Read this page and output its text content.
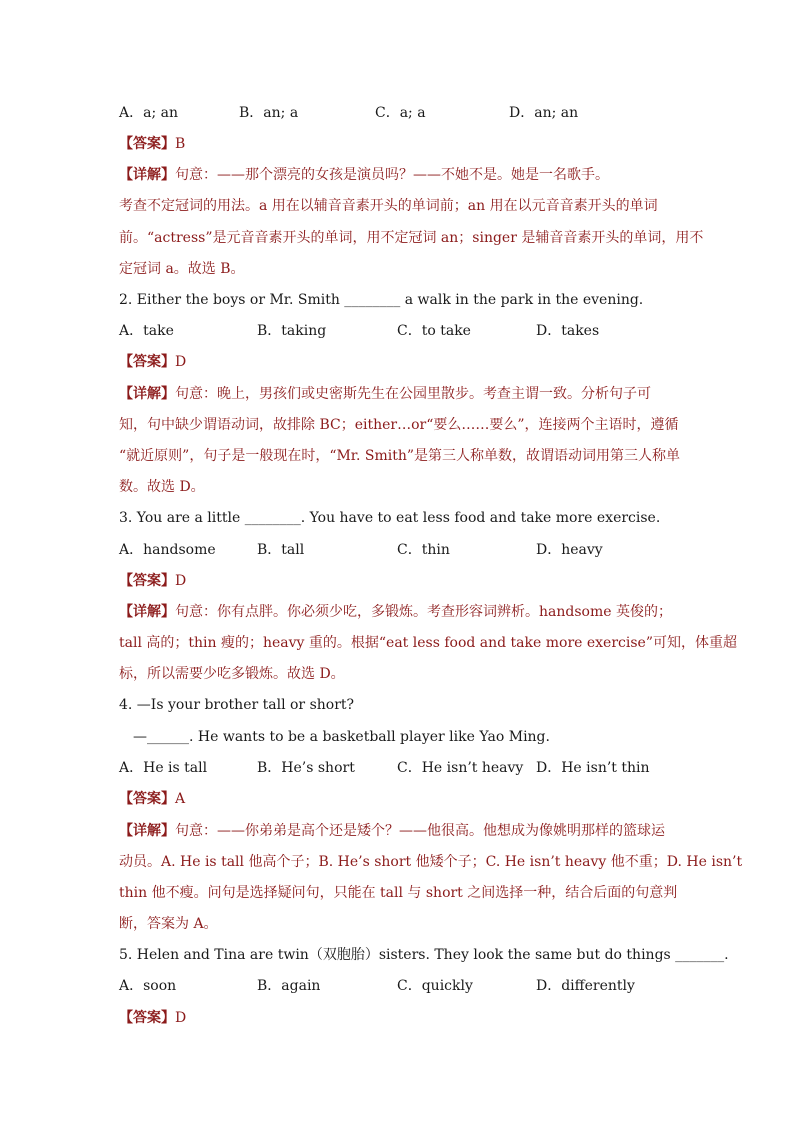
A．a; an	B．an; a	C．a; a	D．an; an
【答案】B
【详解】句意：——那个漂亮的女孩是演员吗？——不她不是。她是一名歌手。
考查不定冠词的用法。a 用在以辅音音素开头的单词前；an 用在以元音音素开头的单词
前。“actress”是元音音素开头的单词，用不定冠词 an；singer 是辅音音素开头的单词，用不
定冠词 a。故选 B。
2. Either the boys or Mr. Smith ________ a walk in the park in the evening.
A．take	B．taking	C．to take	D．takes
【答案】D
【详解】句意：晚上，男孩们或史密斯先生在公园里散步。考查主谓一致。分析句子可
知，句中缺少谓语动词，故排除 BC；either…or“要么……要么”，连接两个主语时，遵循
“就近原则”，句子是一般现在时，“Mr. Smith”是第三人称单数，故谓语动词用第三人称单
数。故选 D。
3. You are a little ________. You have to eat less food and take more exercise.
A．handsome	B．tall	C．thin	D．heavy
【答案】D
【详解】句意：你有点胖。你必须少吃，多锻炼。考查形容词辨析。handsome 英俊的；
tall 高的；thin 瘦的；heavy 重的。根据“eat less food and take more exercise”可知，体重超
标，所以需要少吃多锻炼。故选 D。
4. —Is your brother tall or short?
—______. He wants to be a basketball player like Yao Ming.
A．He is tall	B．He’s short	C．He isn’t heavy D．He isn’t thin
【答案】A
【详解】句意：——你弟弟是高个还是矮个？——他很高。他想成为像姚明那样的篮球运
动员。A. He is tall 他高个子；B. He’s short 他矮个子；C. He isn’t heavy 他不重；D. He isn’t
thin 他不瘦。问句是选择疑问句，只能在 tall 与 short 之间选择一种，结合后面的句意判
断，答案为 A。
5. Helen and Tina are twin（双胞胎）sisters. They look the same but do things _______.
A．soon	B．again	C．quickly	D．differently
【答案】D
